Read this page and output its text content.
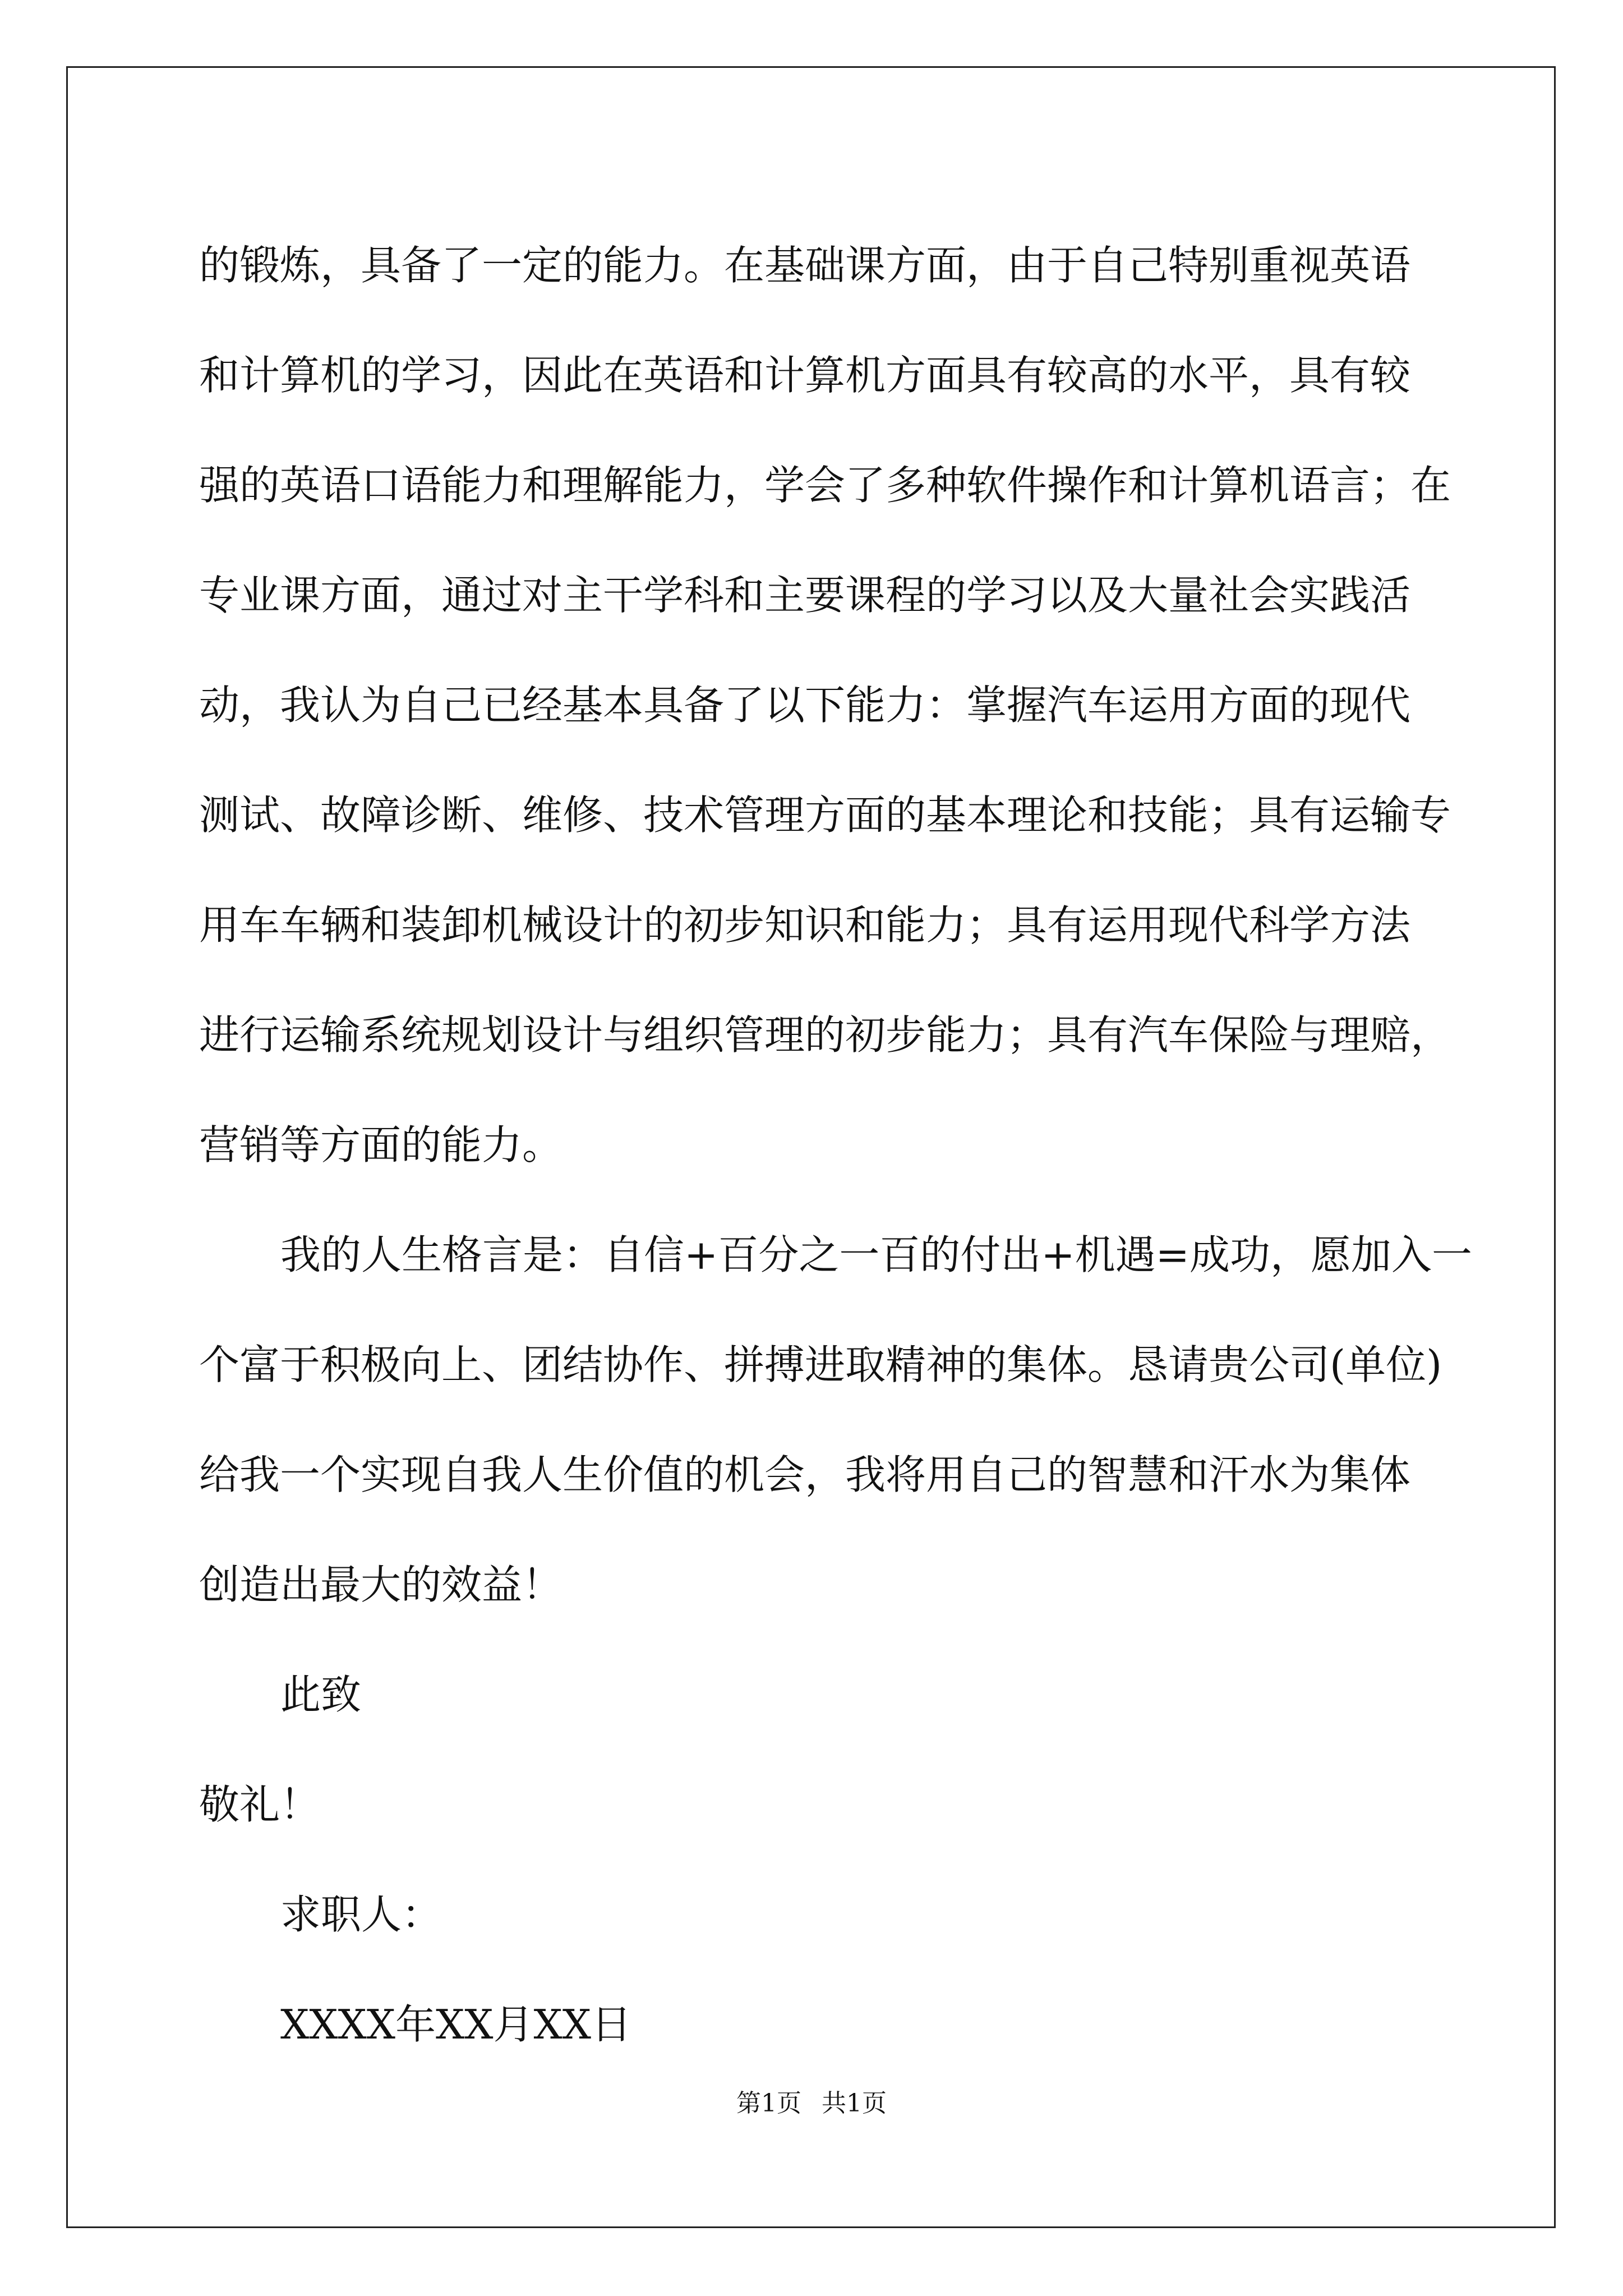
的锻炼，具备了一定的能力。在基础课方面，由于自己特别重视英语
和计算机的学习，因此在英语和计算机方面具有较高的水平，具有较
强的英语口语能力和理解能力，学会了多种软件操作和计算机语言；在
专业课方面，通过对主干学科和主要课程的学习以及大量社会实践活
动，我认为自己已经基本具备了以下能力：掌握汽车运用方面的现代
测试、故障诊断、维修、技术管理方面的基本理论和技能；具有运输专
用车车辆和装卸机械设计的初步知识和能力；具有运用现代科学方法
进行运输系统规划设计与组织管理的初步能力；具有汽车保险与理赔，
营销等方面的能力。
我的人生格言是：自信+百分之一百的付出+机遇=成功，愿加入一
个富于积极向上、团结协作、拼搏进取精神的集体。恳请贵公司(单位)
给我一个实现自我人生价值的机会，我将用自己的智慧和汗水为集体
创造出最大的效益！
此致
敬礼！
求职人：
XXXX年XX月XX日
第1页 共1页
